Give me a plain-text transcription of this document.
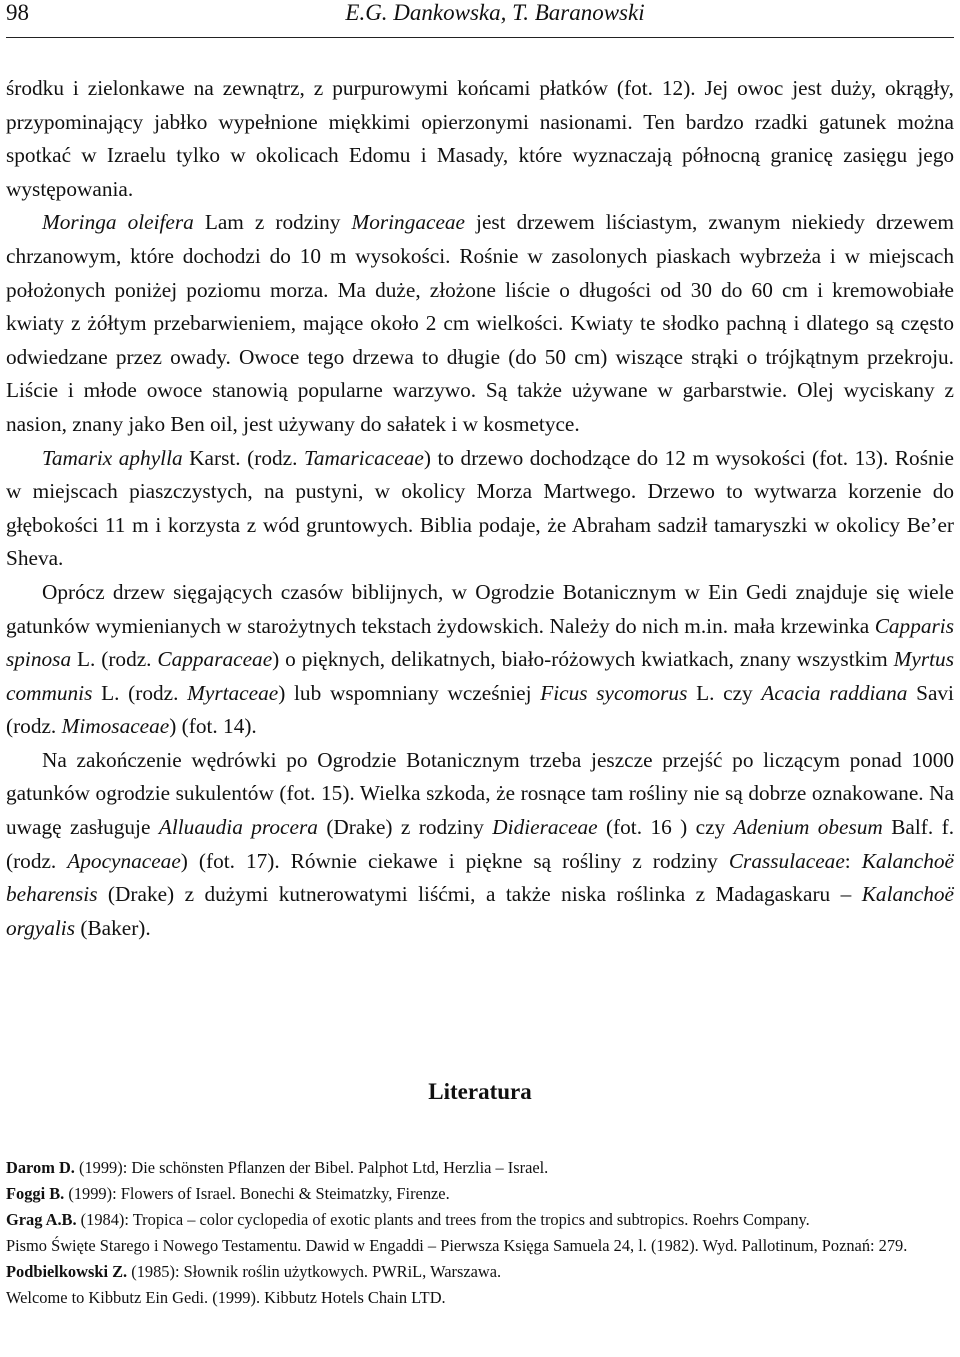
98	E.G. Dankowska, T. Baranowski

środku i zielonkawe na zewnątrz, z purpurowymi końcami płatków (fot. 12). Jej owoc jest duży, okrągły, przypominający jabłko wypełnione miękkimi opierzonymi nasionami. Ten bardzo rzadki gatunek można spotkać w Izraelu tylko w okolicach Edomu i Masady, które wyznaczają północną granicę zasięgu jego występowania.

Moringa oleifera Lam z rodziny Moringaceae jest drzewem liściastym, zwanym niekiedy drzewem chrzanowym, które dochodzi do 10 m wysokości. Rośnie w zasolonych piaskach wybrzeża i w miejscach położonych poniżej poziomu morza. Ma duże, złożone liście o długości od 30 do 60 cm i kremowobiałe kwiaty z żółtym przebarwieniem, mające około 2 cm wielkości. Kwiaty te słodko pachną i dlatego są często odwiedzane przez owady. Owoce tego drzewa to długie (do 50 cm) wiszące strąki o trójkątnym przekroju. Liście i młode owoce stanowią popularne warzywo. Są także używane w garbarstwie. Olej wyciskany z nasion, znany jako Ben oil, jest używany do sałatek i w kosmetyce.

Tamarix aphylla Karst. (rodz. Tamaricaceae) to drzewo dochodzące do 12 m wysokości (fot. 13). Rośnie w miejscach piaszczystych, na pustyni, w okolicy Morza Martwego. Drzewo to wytwarza korzenie do głębokości 11 m i korzysta z wód gruntowych. Biblia podaje, że Abraham sadził tamaryszki w okolicy Be’er Sheva.

Oprócz drzew sięgających czasów biblijnych, w Ogrodzie Botanicznym w Ein Gedi znajduje się wiele gatunków wymienianych w starożytnych tekstach żydowskich. Należy do nich m.in. mała krzewinka Capparis spinosa L. (rodz. Capparaceae) o pięknych, delikatnych, biało-różowych kwiatkach, znany wszystkim Myrtus communis L. (rodz. Myrtaceae) lub wspomniany wcześniej Ficus sycomorus L. czy Acacia raddiana Savi (rodz. Mimosaceae) (fot. 14).

Na zakończenie wędrówki po Ogrodzie Botanicznym trzeba jeszcze przejść po liczącym ponad 1000 gatunków ogrodzie sukulentów (fot. 15). Wielka szkoda, że rosnące tam rośliny nie są dobrze oznakowane. Na uwagę zasługuje Alluaudia procera (Drake) z rodziny Didieraceae (fot. 16 ) czy Adenium obesum Balf. f. (rodz. Apocynaceae) (fot. 17). Równie ciekawe i piękne są rośliny z rodziny Crassulaceae: Kalanchoë beharensis (Drake) z dużymi kutnerowatymi liśćmi, a także niska roślinka z Madagaskaru – Kalanchoë orgyalis (Baker).

Literatura

Darom D. (1999): Die schönsten Pflanzen der Bibel. Palphot Ltd, Herzlia – Israel.

Foggi B. (1999): Flowers of Israel. Bonechi & Steimatzky, Firenze.

Grag A.B. (1984): Tropica – color cyclopedia of exotic plants and trees from the tropics and subtropics. Roehrs Company.

Pismo Święte Starego i Nowego Testamentu. Dawid w Engaddi – Pierwsza Księga Samuela 24, l. (1982). Wyd. Pallotinum, Poznań: 279.

Podbielkowski Z. (1985): Słownik roślin użytkowych. PWRiL, Warszawa.

Welcome to Kibbutz Ein Gedi. (1999). Kibbutz Hotels Chain LTD.
